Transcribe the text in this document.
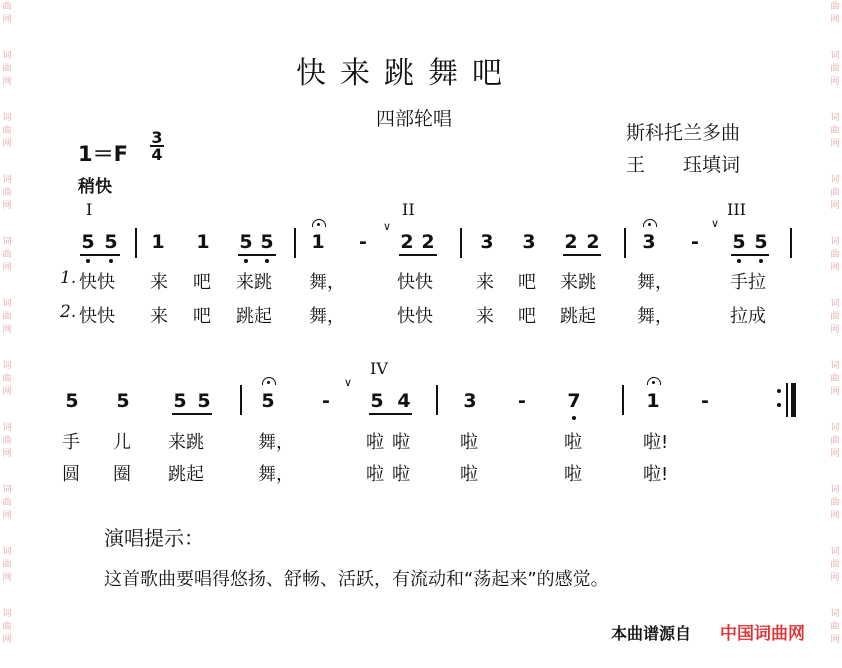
曲
网
词
曲
网
词
曲
网
词
曲
网
词
曲
网
词
曲
网
词
曲
网
词
曲
网
词
曲
网
词
曲
网
词
曲
网

曲
网
词
曲
网
词
曲
网
词
曲
网
词
曲
网
词
曲
网
词
曲
网
词
曲
网
词
曲
网
词
曲
网
词
曲
网
快来跳舞吧
四部轮唱
斯科托兰多曲
王　　珏填词
$1=F \frac{3}{4}$
稍快
I	II	III
IV
5 5 1 1 5 5 1 - 2 2 3 3 2 2 3 - 5 5
∨	∨
1. 快快 来 吧 来跳 舞，	快快 来 吧 来跳 舞，	手拉
2. 快快 来 吧 跳起 舞，	快快 来 吧 跳起 舞，	拉成
5 5 5 5	5 - 5 4	3 - 7	1 -
∨
手 儿 来跳	舞，	啦 啦	啦	啦	啦!
圆 圈 跳起	舞，	啦 啦	啦	啦	啦!
演唱提示：
这首歌曲要唱得悠扬、舒畅、活跃，有流动和“荡起来”的感觉。
本曲谱源自 中国词曲网
